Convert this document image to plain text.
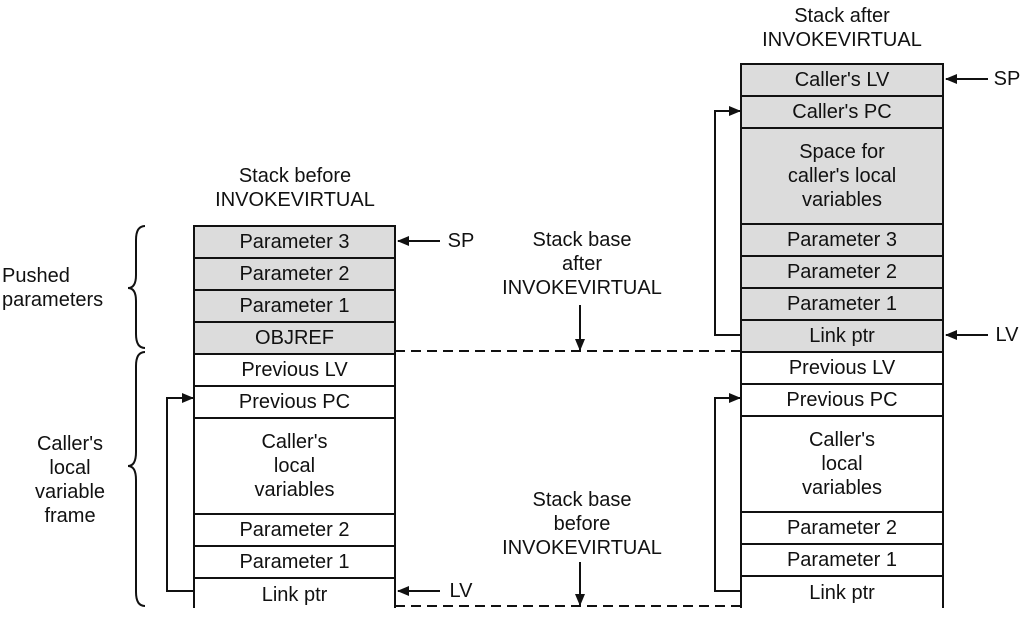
Stack before
INVOKEVIRTUAL
Parameter 3
Parameter 2
Parameter 1
OBJREF
Previous LV
Previous PC
Caller's
local
variables
Parameter 2
Parameter 1
Link ptr
SP
LV
Stack after
INVOKEVIRTUAL
Caller's LV
Caller's PC
Space for
caller's local
variables
Parameter 3
Parameter 2
Parameter 1
Link ptr
Previous LV
Previous PC
Caller's
local
variables
Parameter 2
Parameter 1
Link ptr
SP
LV
Pushed
parameters
Caller's
local
variable
frame
Stack base
after
INVOKEVIRTUAL
Stack base
before
INVOKEVIRTUAL
